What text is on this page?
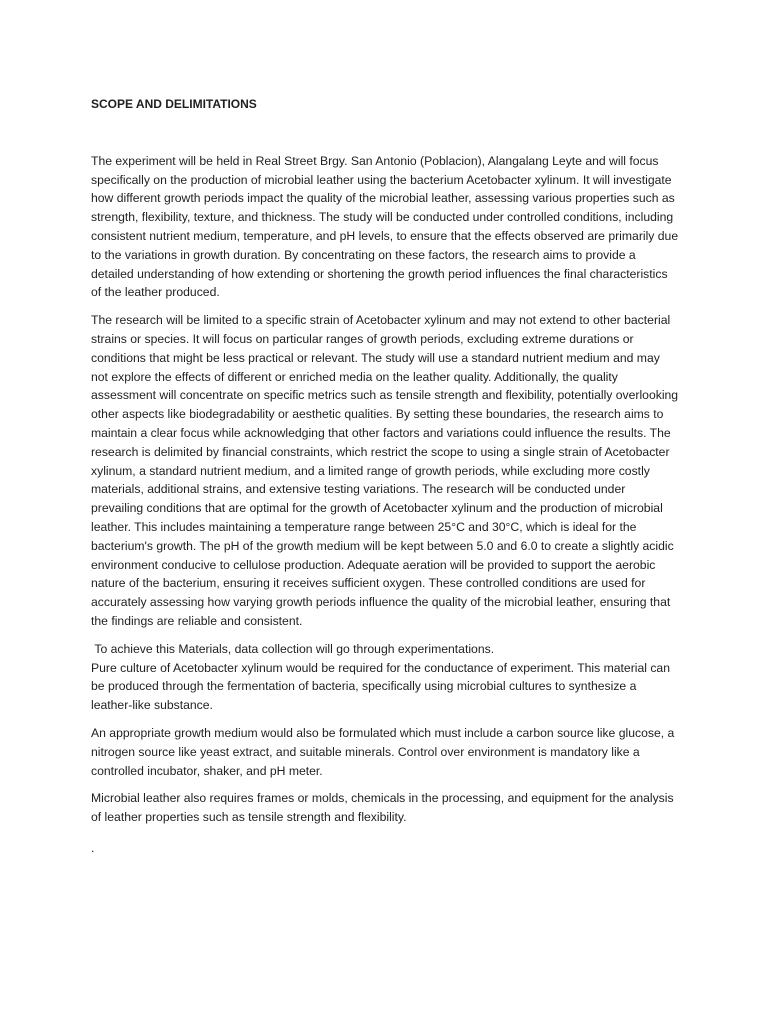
SCOPE AND DELIMITATIONS

The experiment will be held in Real Street Brgy. San Antonio (Poblacion), Alangalang Leyte and will focus specifically on the production of microbial leather using the bacterium Acetobacter xylinum. It will investigate how different growth periods impact the quality of the microbial leather, assessing various properties such as strength, flexibility, texture, and thickness. The study will be conducted under controlled conditions, including consistent nutrient medium, temperature, and pH levels, to ensure that the effects observed are primarily due to the variations in growth duration. By concentrating on these factors, the research aims to provide a detailed understanding of how extending or shortening the growth period influences the final characteristics of the leather produced.

The research will be limited to a specific strain of Acetobacter xylinum and may not extend to other bacterial strains or species. It will focus on particular ranges of growth periods, excluding extreme durations or conditions that might be less practical or relevant. The study will use a standard nutrient medium and may not explore the effects of different or enriched media on the leather quality. Additionally, the quality assessment will concentrate on specific metrics such as tensile strength and flexibility, potentially overlooking other aspects like biodegradability or aesthetic qualities. By setting these boundaries, the research aims to maintain a clear focus while acknowledging that other factors and variations could influence the results. The research is delimited by financial constraints, which restrict the scope to using a single strain of Acetobacter xylinum, a standard nutrient medium, and a limited range of growth periods, while excluding more costly materials, additional strains, and extensive testing variations. The research will be conducted under prevailing conditions that are optimal for the growth of Acetobacter xylinum and the production of microbial leather. This includes maintaining a temperature range between 25°C and 30°C, which is ideal for the bacterium's growth. The pH of the growth medium will be kept between 5.0 and 6.0 to create a slightly acidic environment conducive to cellulose production. Adequate aeration will be provided to support the aerobic nature of the bacterium, ensuring it receives sufficient oxygen. These controlled conditions are used for accurately assessing how varying growth periods influence the quality of the microbial leather, ensuring that the findings are reliable and consistent.

To achieve this Materials, data collection will go through experimentations.

Pure culture of Acetobacter xylinum would be required for the conductance of experiment. This material can be produced through the fermentation of bacteria, specifically using microbial cultures to synthesize a leather-like substance.

An appropriate growth medium would also be formulated which must include a carbon source like glucose, a nitrogen source like yeast extract, and suitable minerals. Control over environment is mandatory like a controlled incubator, shaker, and pH meter.

Microbial leather also requires frames or molds, chemicals in the processing, and equipment for the analysis of leather properties such as tensile strength and flexibility.

.
